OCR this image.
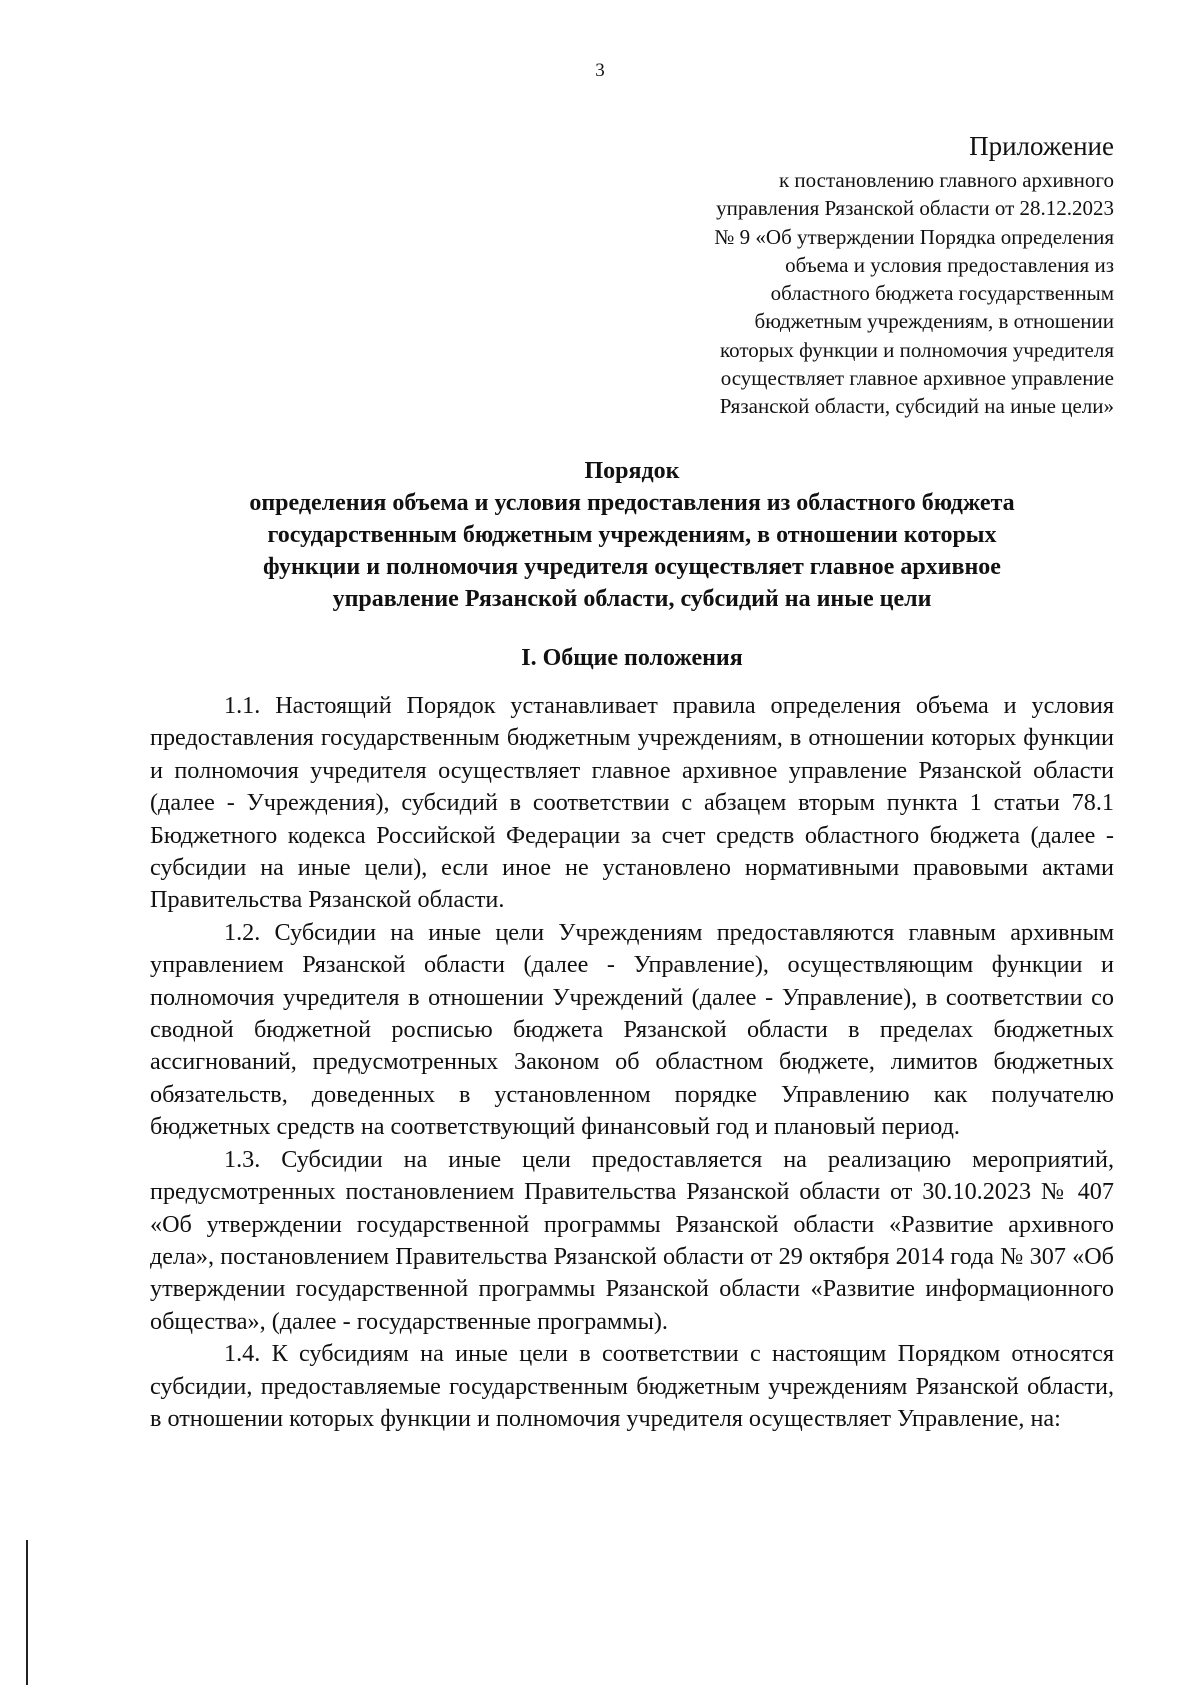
3
Приложение
к постановлению главного архивного
управления Рязанской области от 28.12.2023
№ 9 «Об утверждении Порядка определения
объема и условия предоставления из
областного бюджета государственным
бюджетным учреждениям, в отношении
которых функции и полномочия учредителя
осуществляет главное архивное управление
Рязанской области, субсидий на иные цели»
Порядок
определения объема и условия предоставления из областного бюджета
государственным бюджетным учреждениям, в отношении которых
функции и полномочия учредителя осуществляет главное архивное
управление Рязанской области, субсидий на иные цели
I. Общие положения

1.1. Настоящий Порядок устанавливает правила определения объема и условия предоставления государственным бюджетным учреждениям, в отношении которых функции и полномочия учредителя осуществляет главное архивное управление Рязанской области (далее - Учреждения), субсидий в соответствии с абзацем вторым пункта 1 статьи 78.1 Бюджетного кодекса Российской Федерации за счет средств областного бюджета (далее - субсидии на иные цели), если иное не установлено нормативными правовыми актами Правительства Рязанской области.

1.2. Субсидии на иные цели Учреждениям предоставляются главным архивным управлением Рязанской области (далее - Управление), осуществляющим функции и полномочия учредителя в отношении Учреждений (далее - Управление), в соответствии со сводной бюджетной росписью бюджета Рязанской области в пределах бюджетных ассигнований, предусмотренных Законом об областном бюджете, лимитов бюджетных обязательств, доведенных в установленном порядке Управлению как получателю бюджетных средств на соответствующий финансовый год и плановый период.

1.3. Субсидии на иные цели предоставляется на реализацию мероприятий, предусмотренных постановлением Правительства Рязанской области от 30.10.2023 № 407 «Об утверждении государственной программы Рязанской области «Развитие архивного дела», постановлением Правительства Рязанской области от 29 октября 2014 года № 307 «Об утверждении государственной программы Рязанской области «Развитие информационного общества», (далее - государственные программы).

1.4. К субсидиям на иные цели в соответствии с настоящим Порядком относятся субсидии, предоставляемые государственным бюджетным учреждениям Рязанской области, в отношении которых функции и полномочия учредителя осуществляет Управление, на:
